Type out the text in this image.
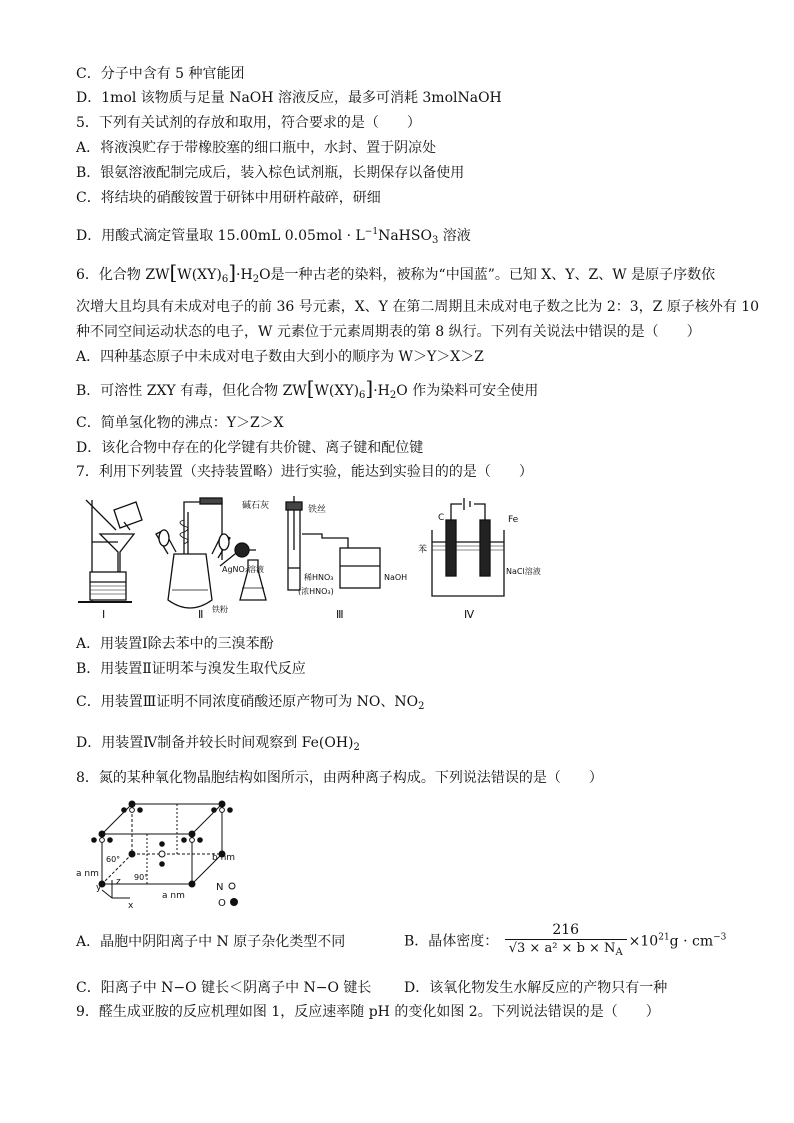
C．分子中含有 5 种官能团
D．1mol 该物质与足量 NaOH 溶液反应，最多可消耗 3molNaOH
5．下列有关试剂的存放和取用，符合要求的是（　　）
A．将液溴贮存于带橡胶塞的细口瓶中，水封、置于阴凉处
B．银氨溶液配制完成后，装入棕色试剂瓶，长期保存以备使用
C．将结块的硝酸铵置于研钵中用研杵敲碎，研细
D．用酸式滴定管量取 15.00mL $0.05mol \cdot L^{-1}NaHSO_3$ 溶液
6．化合物 $ZW[W(XY)_6]\cdot H_2O$是一种古老的染料，被称为“中国蓝”。已知 X、Y、Z、W 是原子序数依
次增大且均具有未成对电子的前 36 号元素，X、Y 在第二周期且未成对电子数之比为 2：3，Z 原子核外有 10
种不同空间运动状态的电子，W 元素位于元素周期表的第 8 纵行。下列有关说法中错误的是（　　）
A．四种基态原子中未成对电子数由大到小的顺序为 W＞Y＞X＞Z
B．可溶性 ZXY 有毒，但化合物 $ZW[W(XY)_6]\cdot H_2O$ 作为染料可安全使用
C．简单氢化物的沸点：Y＞Z＞X
D．该化合物中存在的化学键有共价键、离子键和配位键
7．利用下列装置（夹持装置略）进行实验，能达到实验目的的是（　　）
碱石灰
AgNO₃溶液
铁粉
铁丝
稀HNO₃
(浓HNO₃)
NaOH
C	Fe
苯
NaCl溶液
Ⅰ	Ⅱ	Ⅲ	Ⅳ
A．用装置Ⅰ除去苯中的三溴苯酚
B．用装置Ⅱ证明苯与溴发生取代反应
C．用装置Ⅲ证明不同浓度硝酸还原产物可为 NO、$NO_2$
D．用装置Ⅳ制备并较长时间观察到 $Fe(OH)_2$
8．氮的某种氧化物晶胞结构如图所示，由两种离子构成。下列说法错误的是（　　）
N
O
z
y
x
a nm
b nm
a nm
60°
90°
A．晶胞中阴阳离子中 N 原子杂化类型不同	B．晶体密度： $\frac{216}{√3 \times a^2 \times b \times N_A} \times 10^{21}g \cdot cm^{-3}$
C．阳离子中 N−O 键长＜阴离子中 N−O 键长 D．该氧化物发生水解反应的产物只有一种
9．醛生成亚胺的反应机理如图 1，反应速率随 pH 的变化如图 2。下列说法错误的是（　　）
